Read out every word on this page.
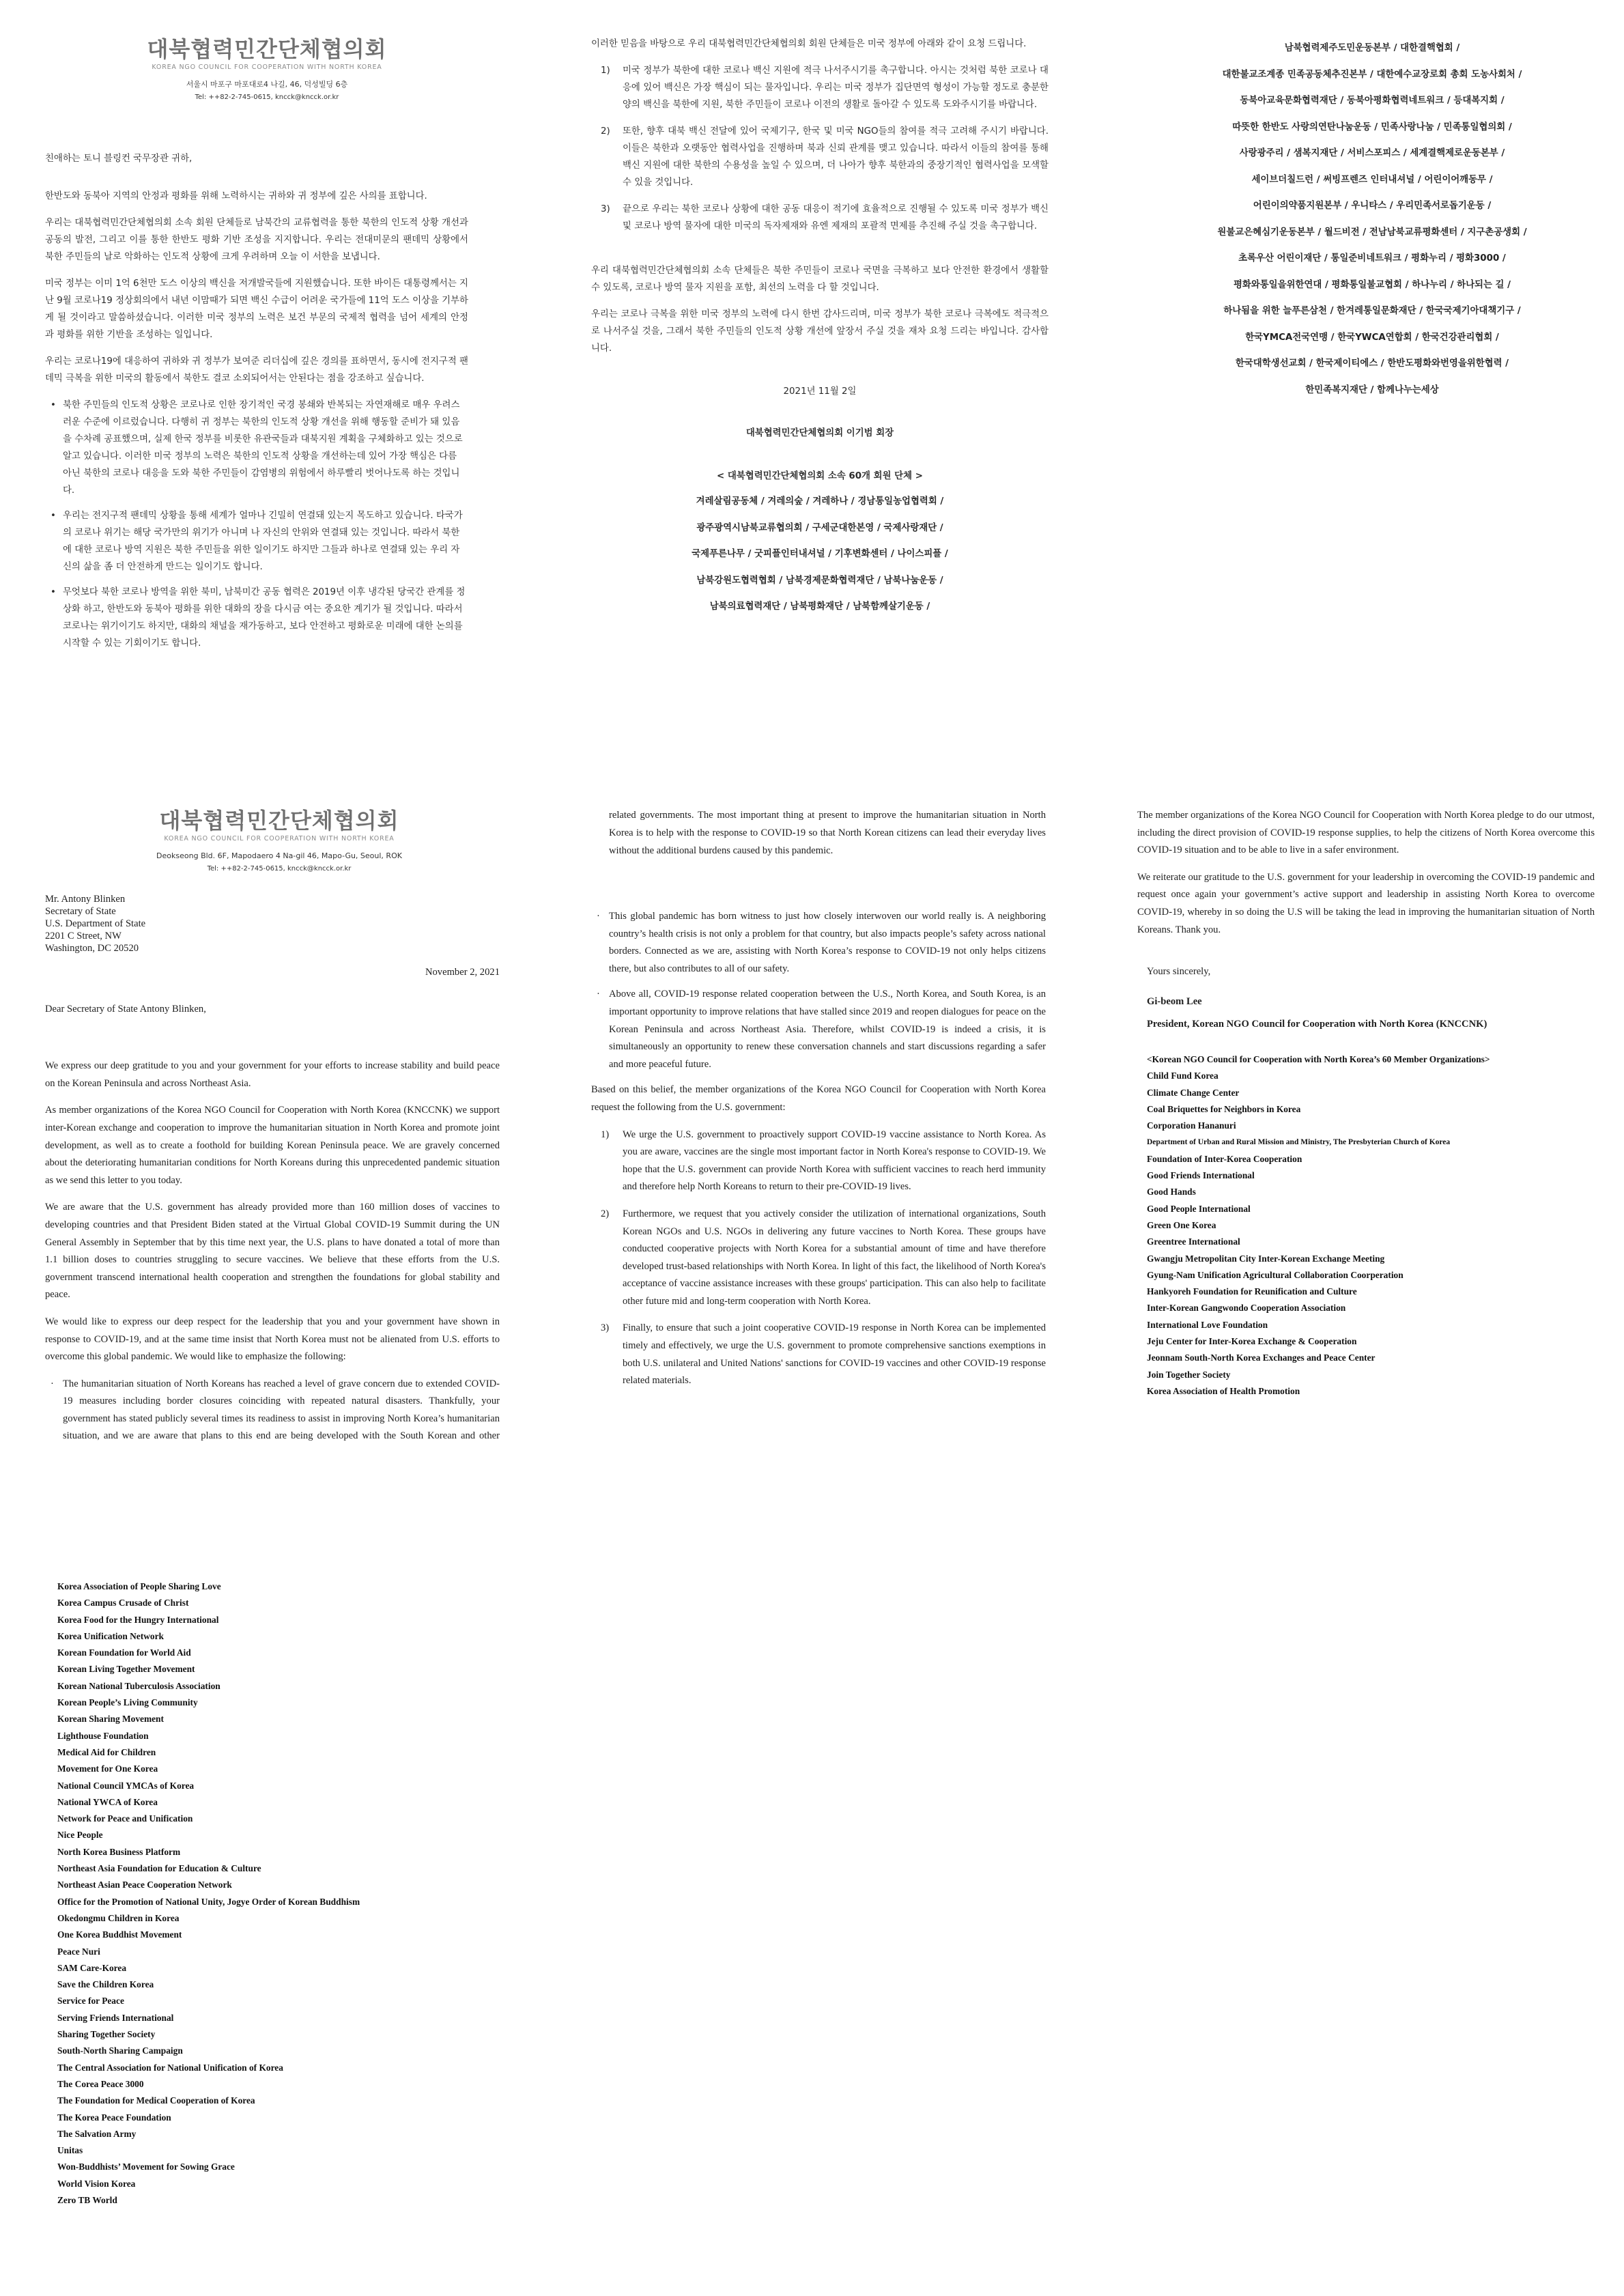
대북협력민간단체협의회
KOREA NGO COUNCIL FOR COOPERATION WITH NORTH KOREA
서울시 마포구 마포대로4 나길, 46, 덕성빌딩 6층
Tel: ++82-2-745-0615, kncck@kncck.or.kr

친애하는 토니 블링컨 국무장관 귀하,

한반도와 동북아 지역의 안정과 평화를 위해 노력하시는 귀하와 귀 정부에 깊은 사의를 표합니다.

우리는 대북협력민간단체협의회 소속 회원 단체들로 남북간의 교류협력을 통한 북한의 인도적 상황 개선과 공동의 발전, 그리고 이를 통한 한반도 평화 기반 조성을 지지합니다. 우리는 전대미문의 팬데믹 상황에서 북한 주민들의 날로 악화하는 인도적 상황에 크게 우려하며 오늘 이 서한을 보냅니다.

미국 정부는 이미 1억 6천만 도스 이상의 백신을 저개발국들에 지원했습니다. 또한 바이든 대통령께서는 지난 9월 코로나19 정상회의에서 내년 이맘때가 되면 백신 수급이 어려운 국가들에 11억 도스 이상을 기부하게 될 것이라고 말씀하셨습니다. 이러한 미국 정부의 노력은 보건 부문의 국제적 협력을 넘어 세계의 안정과 평화를 위한 기반을 조성하는 일입니다.

우리는 코로나19에 대응하여 귀하와 귀 정부가 보여준 리더십에 깊은 경의를 표하면서, 동시에 전지구적 팬데믹 극복을 위한 미국의 활동에서 북한도 결코 소외되어서는 안된다는 점을 강조하고 싶습니다.

• 북한 주민들의 인도적 상황은 코로나로 인한 장기적인 국경 봉쇄와 반복되는 자연재해로 매우 우려스러운 수준에 이르렀습니다. 다행히 귀 정부는 북한의 인도적 상황 개선을 위해 행동할 준비가 돼 있음을 수차례 공표했으며, 실제 한국 정부를 비롯한 유관국들과 대북지원 계획을 구체화하고 있는 것으로 알고 있습니다. 이러한 미국 정부의 노력은 북한의 인도적 상황을 개선하는데 있어 가장 핵심은 다름 아닌 북한의 코로나 대응을 도와 북한 주민들이 감염병의 위험에서 하루빨리 벗어나도록 하는 것입니다.
• 우리는 전지구적 팬데믹 상황을 통해 세계가 얼마나 긴밀히 연결돼 있는지 목도하고 있습니다. 타국가의 코로나 위기는 해당 국가만의 위기가 아니며 나 자신의 안위와 연결돼 있는 것입니다. 따라서 북한에 대한 코로나 방역 지원은 북한 주민들을 위한 일이기도 하지만 그들과 하나로 연결돼 있는 우리 자신의 삶을 좀 더 안전하게 만드는 일이기도 합니다.
• 무엇보다 북한 코로나 방역을 위한 북미, 남북미간 공동 협력은 2019년 이후 냉각된 당국간 관계를 정상화 하고, 한반도와 동북아 평화를 위한 대화의 장을 다시금 여는 중요한 계기가 될 것입니다. 따라서 코로나는 위기이기도 하지만, 대화의 채널을 재가동하고, 보다 안전하고 평화로운 미래에 대한 논의를 시작할 수 있는 기회이기도 합니다.

이러한 믿음을 바탕으로 우리 대북협력민간단체협의회 회원 단체들은 미국 정부에 아래와 같이 요청 드립니다.

1) 미국 정부가 북한에 대한 코로나 백신 지원에 적극 나서주시기를 촉구합니다. 아시는 것처럼 북한 코로나 대응에 있어 백신은 가장 핵심이 되는 물자입니다. 우리는 미국 정부가 집단면역 형성이 가능할 정도로 충분한 양의 백신을 북한에 지원, 북한 주민들이 코로나 이전의 생활로 돌아갈 수 있도록 도와주시기를 바랍니다.
2) 또한, 향후 대북 백신 전달에 있어 국제기구, 한국 및 미국 NGO들의 참여를 적극 고려해 주시기 바랍니다. 이들은 북한과 오랫동안 협력사업을 진행하며 북과 신뢰 관계를 맺고 있습니다. 따라서 이들의 참여를 통해 백신 지원에 대한 북한의 수용성을 높일 수 있으며, 더 나아가 향후 북한과의 중장기적인 협력사업을 모색할 수 있을 것입니다.
3) 끝으로 우리는 북한 코로나 상황에 대한 공동 대응이 적기에 효율적으로 진행될 수 있도록 미국 정부가 백신 및 코로나 방역 물자에 대한 미국의 독자제재와 유엔 제재의 포괄적 면제를 추진해 주실 것을 촉구합니다.

우리 대북협력민간단체협의회 소속 단체들은 북한 주민들이 코로나 국면을 극복하고 보다 안전한 환경에서 생활할 수 있도록, 코로나 방역 물자 지원을 포함, 최선의 노력을 다 할 것입니다.

우리는 코로나 극복을 위한 미국 정부의 노력에 다시 한번 감사드리며, 미국 정부가 북한 코로나 극복에도 적극적으로 나서주실 것을, 그래서 북한 주민들의 인도적 상황 개선에 앞장서 주실 것을 재차 요청 드리는 바입니다. 감사합니다.

2021년 11월 2일

대북협력민간단체협의회 이기범 회장

< 대북협력민간단체협의회 소속 60개 회원 단체 >

겨레살림공동체 / 겨레의숲 / 겨레하나 / 경남통일농업협력회 /
광주광역시남북교류협의회 / 구세군대한본영 / 국제사랑재단 /
국제푸른나무 / 굿피플인터내셔널 / 기후변화센터 / 나이스피플 /
남북강원도협력협회 / 남북경제문화협력재단 / 남북나눔운동 /
남북의료협력재단 / 남북평화재단 / 남북함께살기운동 /
남북협력제주도민운동본부 / 대한결핵협회 /
대한불교조계종 민족공동체추진본부 / 대한예수교장로회 총회 도농사회처 /
동북아교육문화협력재단 / 동북아평화협력네트워크 / 등대복지회 /
따뜻한 한반도 사랑의연탄나눔운동 / 민족사랑나눔 / 민족통일협의회 /
사랑광주리 / 샘복지재단 / 서비스포피스 / 세계결핵제로운동본부 /
세이브더칠드런 / 써빙프렌즈 인터내셔널 / 어린이어깨동무 /
어린이의약품지원본부 / 우니타스 / 우리민족서로돕기운동 /
원불교은혜심기운동본부 / 월드비전 / 전남남북교류평화센터 / 지구촌공생회 /
초록우산 어린이재단 / 통일준비네트워크 / 평화누리 / 평화3000 /
평화와통일을위한연대 / 평화통일불교협회 / 하나누리 / 하나되는 길 /
하나됨을 위한 늘푸른삼천 / 한겨레통일문화재단 / 한국국제기아대책기구 /
한국YMCA전국연맹 / 한국YWCA연합회 / 한국건강관리협회 /
한국대학생선교회 / 한국제이티에스 / 한반도평화와번영을위한협력 /
한민족복지재단 / 함께나누는세상
대북협력민간단체협의회
KOREA NGO COUNCIL FOR COOPERATION WITH NORTH KOREA
Deokseong Bld. 6F, Mapodaero 4 Na-gil 46, Mapo-Gu, Seoul, ROK
Tel: ++82-2-745-0615, kncck@kncck.or.kr
Mr. Antony Blinken
Secretary of State
U.S. Department of State
2201 C Street, NW
Washington, DC 20520
November 2, 2021

Dear Secretary of State Antony Blinken,

We express our deep gratitude to you and your government for your efforts to increase stability and build peace on the Korean Peninsula and across Northeast Asia.

As member organizations of the Korea NGO Council for Cooperation with North Korea (KNCCNK) we support inter-Korean exchange and cooperation to improve the humanitarian situation in North Korea and promote joint development, as well as to create a foothold for building Korean Peninsula peace. We are gravely concerned about the deteriorating humanitarian conditions for North Koreans during this unprecedented pandemic situation as we send this letter to you today.

We are aware that the U.S. government has already provided more than 160 million doses of vaccines to developing countries and that President Biden stated at the Virtual Global COVID-19 Summit during the UN General Assembly in September that by this time next year, the U.S. plans to have donated a total of more than 1.1 billion doses to countries struggling to secure vaccines. We believe that these efforts from the U.S. government transcend international health cooperation and strengthen the foundations for global stability and peace.

We would like to express our deep respect for the leadership that you and your government have shown in response to COVID-19, and at the same time insist that North Korea must not be alienated from U.S. efforts to overcome this global pandemic. We would like to emphasize the following:

· The humanitarian situation of North Koreans has reached a level of grave concern due to extended COVID-19 measures including border closures coinciding with repeated natural disasters. Thankfully, your government has stated publicly several times its readiness to assist in improving North Korea’s humanitarian situation, and we are aware that plans to this end are being developed with the South Korean and other
related governments. The most important thing at present to improve the humanitarian situation in North Korea is to help with the response to COVID-19 so that North Korean citizens can lead their everyday lives without the additional burdens caused by this pandemic.
· This global pandemic has born witness to just how closely interwoven our world really is. A neighboring country’s health crisis is not only a problem for that country, but also impacts people’s safety across national borders. Connected as we are, assisting with North Korea’s response to COVID-19 not only helps citizens there, but also contributes to all of our safety.
· Above all, COVID-19 response related cooperation between the U.S., North Korea, and South Korea, is an important opportunity to improve relations that have stalled since 2019 and reopen dialogues for peace on the Korean Peninsula and across Northeast Asia. Therefore, whilst COVID-19 is indeed a crisis, it is simultaneously an opportunity to renew these conversation channels and start discussions regarding a safer and more peaceful future.

Based on this belief, the member organizations of the Korea NGO Council for Cooperation with North Korea request the following from the U.S. government:

1) We urge the U.S. government to proactively support COVID-19 vaccine assistance to North Korea. As you are aware, vaccines are the single most important factor in North Korea's response to COVID-19. We hope that the U.S. government can provide North Korea with sufficient vaccines to reach herd immunity and therefore help North Koreans to return to their pre-COVID-19 lives.
2) Furthermore, we request that you actively consider the utilization of international organizations, South Korean NGOs and U.S. NGOs in delivering any future vaccines to North Korea. These groups have conducted cooperative projects with North Korea for a substantial amount of time and have therefore developed trust-based relationships with North Korea. In light of this fact, the likelihood of North Korea's acceptance of vaccine assistance increases with these groups' participation. This can also help to facilitate other future mid and long-term cooperation with North Korea.
3) Finally, to ensure that such a joint cooperative COVID-19 response in North Korea can be implemented timely and effectively, we urge the U.S. government to promote comprehensive sanctions exemptions in both U.S. unilateral and United Nations' sanctions for COVID-19 vaccines and other COVID-19 response related materials.

The member organizations of the Korea NGO Council for Cooperation with North Korea pledge to do our utmost, including the direct provision of COVID-19 response supplies, to help the citizens of North Korea overcome this COVID-19 situation and to be able to live in a safer environment.

We reiterate our gratitude to the U.S. government for your leadership in overcoming the COVID-19 pandemic and request once again your government’s active support and leadership in assisting North Korea to overcome COVID-19, whereby in so doing the U.S will be taking the lead in improving the humanitarian situation of North Koreans. Thank you.

Yours sincerely,
Gi-beom Lee
President, Korean NGO Council for Cooperation with North Korea (KNCCNK)
<Korean NGO Council for Cooperation with North Korea’s 60 Member Organizations>
Child Fund Korea
Climate Change Center
Coal Briquettes for Neighbors in Korea
Corporation Hananuri
Department of Urban and Rural Mission and Ministry, The Presbyterian Church of Korea
Foundation of Inter-Korea Cooperation
Good Friends International
Good Hands
Good People International
Green One Korea
Greentree International
Gwangju Metropolitan City Inter-Korean Exchange Meeting
Gyung-Nam Unification Agricultural Collaboration Coorperation
Hankyoreh Foundation for Reunification and Culture
Inter-Korean Gangwondo Cooperation Association
International Love Foundation
Jeju Center for Inter-Korea Exchange & Cooperation
Jeonnam South-North Korea Exchanges and Peace Center
Join Together Society
Korea Association of Health Promotion
Korea Association of People Sharing Love
Korea Campus Crusade of Christ
Korea Food for the Hungry International
Korea Unification Network
Korean Foundation for World Aid
Korean Living Together Movement
Korean National Tuberculosis Association
Korean People’s Living Community
Korean Sharing Movement
Lighthouse Foundation
Medical Aid for Children
Movement for One Korea
National Council YMCAs of Korea
National YWCA of Korea
Network for Peace and Unification
Nice People
North Korea Business Platform
Northeast Asia Foundation for Education & Culture
Northeast Asian Peace Cooperation Network
Office for the Promotion of National Unity, Jogye Order of Korean Buddhism
Okedongmu Children in Korea
One Korea Buddhist Movement
Peace Nuri
SAM Care-Korea
Save the Children Korea
Service for Peace
Serving Friends International
Sharing Together Society
South-North Sharing Campaign
The Central Association for National Unification of Korea
The Corea Peace 3000
The Foundation for Medical Cooperation of Korea
The Korea Peace Foundation
The Salvation Army
Unitas
Won-Buddhists’ Movement for Sowing Grace
World Vision Korea
Zero TB World
